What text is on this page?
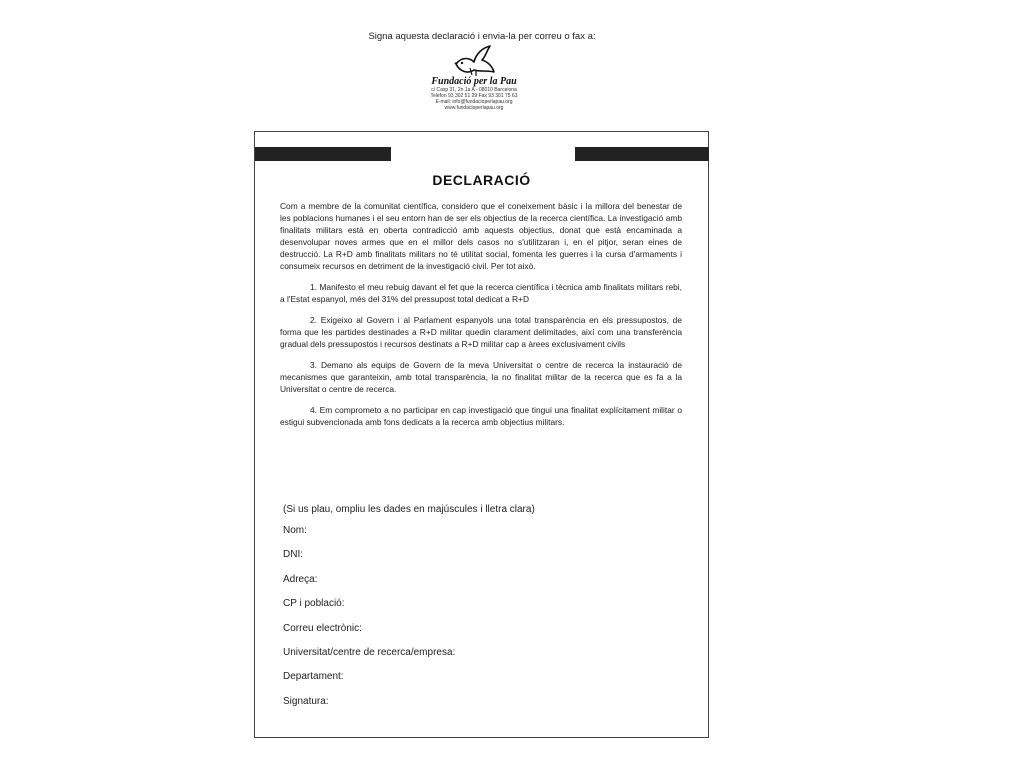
Signa aquesta declaració i envia-la per correu o fax a:
Fundació per la Pau
c/ Casp 31, 2n 1a A - 08010 Barcelona
Telèfon 93 302 51 29 Fax 93 301 75 63
E-mail: info@fundacioperlapau.org
www.fundacioperlapau.org
DECLARACIÓ

Com a membre de la comunitat científica, considero que el coneixement bàsic i la millora del benestar de les poblacions humanes i el seu entorn han de ser els objectius de la recerca científica. La investigació amb finalitats militars està en oberta contradicció amb aquests objectius, donat que està encaminada a desenvolupar noves armes que en el millor dels casos no s'utilitzaran i, en el pitjor, seran eines de destrucció. La R+D amb finalitats militars no té utilitat social, fomenta les guerres i la cursa d'armaments i consumeix recursos en detriment de la investigació civil. Per tot això.

1. Manifesto el meu rebuig davant el fet que la recerca científica i tècnica amb finalitats militars rebi, a l'Estat espanyol, més del 31% del pressupost total dedicat a R+D

2. Exigeixo al Govern i al Parlament espanyols una total transparència en els pressupostos, de forma que les partides destinades a R+D militar quedin clarament delimitades, així com una transferència gradual dels pressupostos i recursos destinats a R+D militar cap a àrees exclusivament civils

3. Demano als equips de Govern de la meva Universitat o centre de recerca la instauració de mecanismes que garanteixin, amb total transparència, la no finalitat militar de la recerca que es fa a la Universitat o centre de recerca.

4. Em comprometo a no participar en cap investigació que tingui una finalitat explícitament militar o estigui subvencionada amb fons dedicats a la recerca amb objectius militars.

(Si us plau, ompliu les dades en majúscules i lletra clara)
Nom:
DNI:
Adreça:
CP i població:
Correu electrònic:
Universitat/centre de recerca/empresa:
Departament:
Signatura:
